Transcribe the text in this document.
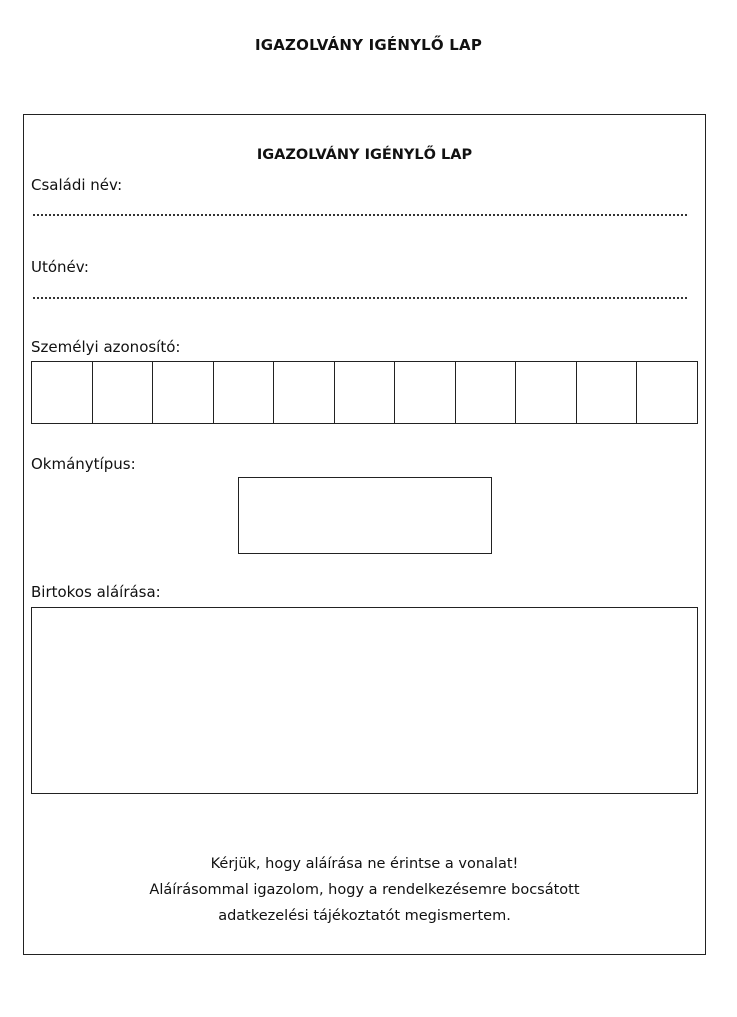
IGAZOLVÁNY IGÉNYLŐ LAP
IGAZOLVÁNY IGÉNYLŐ LAP
Családi név:
Utónév:
Személyi azonosító:
Okmánytípus:
Birtokos aláírása:
Kérjük, hogy aláírása ne érintse a vonalat!
Aláírásommal igazolom, hogy a rendelkezésemre bocsátott
adatkezelési tájékoztatót megismertem.
